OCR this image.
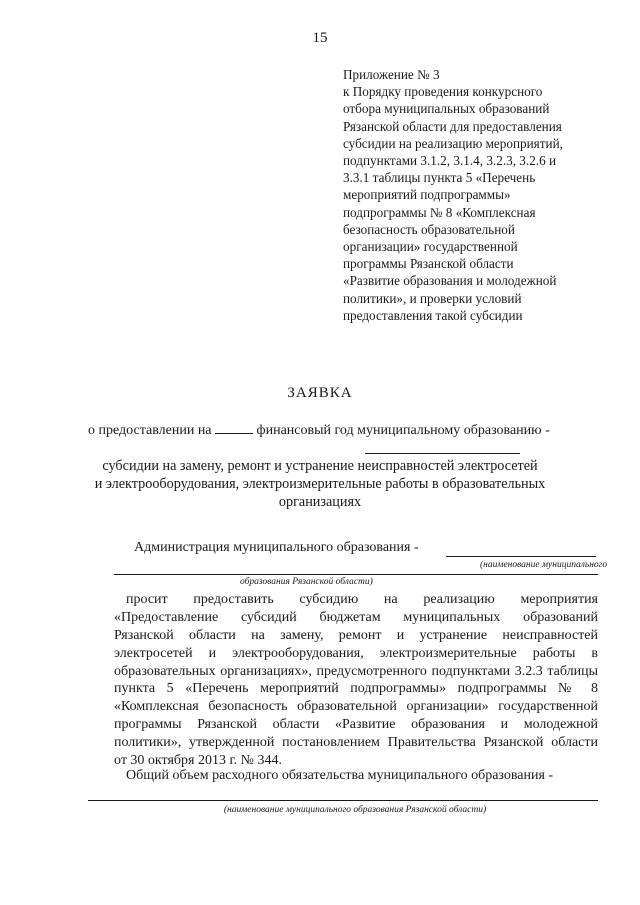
15
Приложение № 3
к Порядку проведения конкурсного
отбора муниципальных образований
Рязанской области для предоставления
субсидии на реализацию мероприятий,
подпунктами 3.1.2, 3.1.4, 3.2.3, 3.2.6 и
3.3.1 таблицы пункта 5 «Перечень
мероприятий подпрограммы»
подпрограммы № 8 «Комплексная
безопасность образовательной
организации» государственной
программы Рязанской области
«Развитие образования и молодежной
политики», и проверки условий
предоставления такой субсидии
ЗАЯВКА
о предоставлении на	финансовый год муниципальному образованию -
субсидии на замену, ремонт и устранение неисправностей электросетей
и электрооборудования, электроизмерительные работы в образовательных
организациях
Администрация муниципального образования -
(наименование муниципального
образования Рязанской области)
просит предоставить субсидию на реализацию мероприятия
«Предоставление субсидий бюджетам муниципальных образований
Рязанской области на замену, ремонт и устранение неисправностей
электросетей и электрооборудования, электроизмерительные работы в
образовательных организациях», предусмотренного подпунктами 3.2.3 таблицы
пункта 5 «Перечень мероприятий подпрограммы» подпрограммы № 8
«Комплексная безопасность образовательной организации» государственной
программы Рязанской области «Развитие образования и молодежной
политики», утвержденной постановлением Правительства Рязанской области
от 30 октября 2013 г. № 344.
Общий объем расходного обязательства муниципального образования -
(наименование муниципального образования Рязанской области)
